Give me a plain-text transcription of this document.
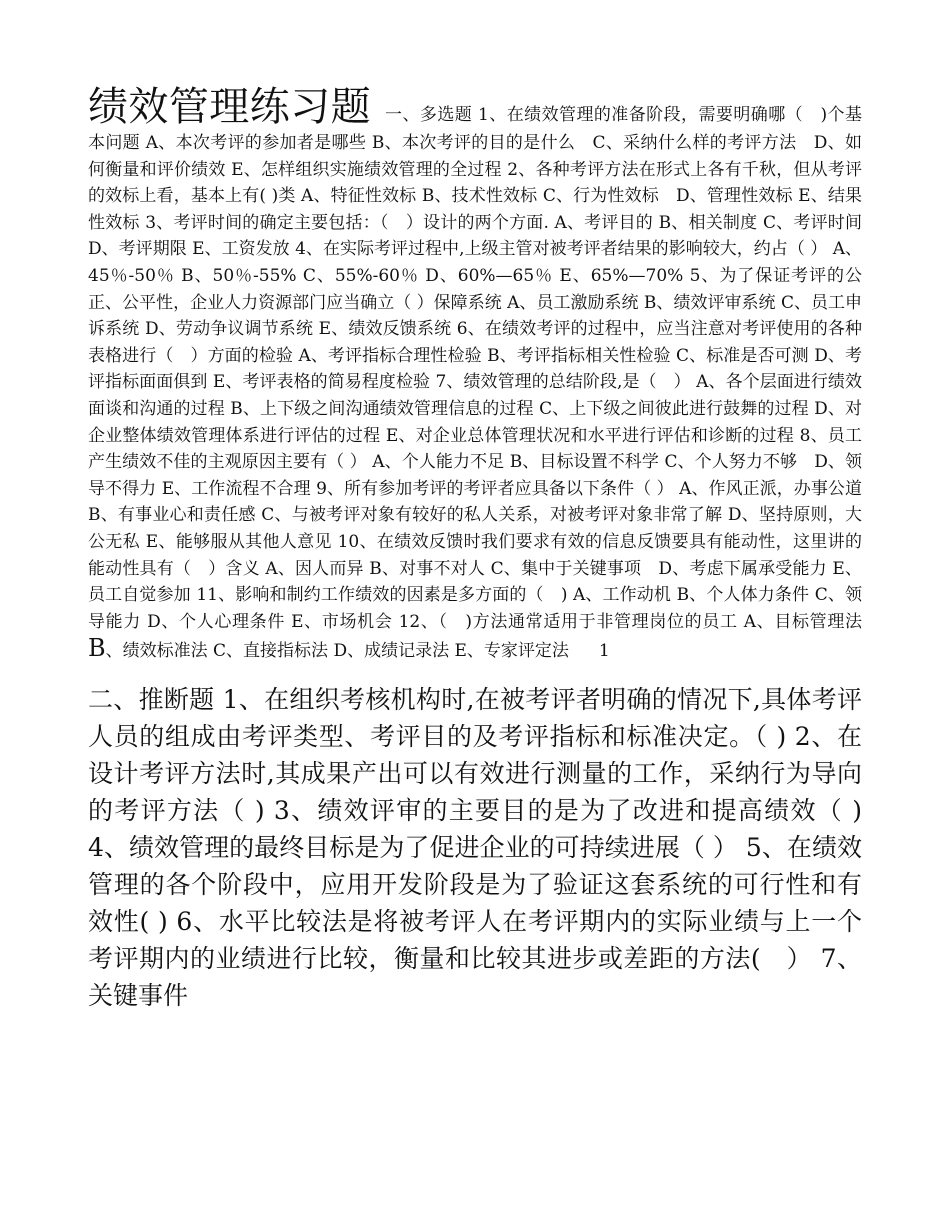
绩效管理练习题 一、多选题 1、在绩效管理的准备阶段，需要明确哪（　)个基本问题 A、本次考评的参加者是哪些 B、本次考评的目的是什么　C、采纳什么样的考评方法　D、如何衡量和评价绩效 E、怎样组织实施绩效管理的全过程 2、各种考评方法在形式上各有千秋，但从考评的效标上看，基本上有( )类 A、特征性效标 B、技术性效标 C、行为性效标　D、管理性效标 E、结果性效标 3、考评时间的确定主要包括：（　）设计的两个方面. A、考评目的 B、相关制度 C、考评时间 D、考评期限 E、工资发放 4、在实际考评过程中,上级主管对被考评者结果的影响较大，约占（ ） A、45％-50％ B、50％-55% C、55%-60％ D、60%—65％ E、65%—70% 5、为了保证考评的公正、公平性，企业人力资源部门应当确立（ ）保障系统 A、员工激励系统 B、绩效评审系统 C、员工申诉系统 D、劳动争议调节系统 E、绩效反馈系统 6、在绩效考评的过程中，应当注意对考评使用的各种表格进行（　）方面的检验 A、考评指标合理性检验 B、考评指标相关性检验 C、标准是否可测 D、考评指标面面俱到 E、考评表格的简易程度检验 7、绩效管理的总结阶段,是（　） A、各个层面进行绩效面谈和沟通的过程 B、上下级之间沟通绩效管理信息的过程 C、上下级之间彼此进行鼓舞的过程 D、对企业整体绩效管理体系进行评估的过程 E、对企业总体管理状况和水平进行评估和诊断的过程 8、员工产生绩效不佳的主观原因主要有（ ） A、个人能力不足 B、目标设置不科学 C、个人努力不够　D、领导不得力 E、工作流程不合理 9、所有参加考评的考评者应具备以下条件（ ） A、作风正派，办事公道 B、有事业心和责任感 C、与被考评对象有较好的私人关系，对被考评对象非常了解 D、坚持原则，大公无私 E、能够服从其他人意见 10、在绩效反馈时我们要求有效的信息反馈要具有能动性，这里讲的能动性具有（　）含义 A、因人而异 B、对事不对人 C、集中于关键事项　D、考虑下属承受能力 E、员工自觉参加 11、影响和制约工作绩效的因素是多方面的（　) A、工作动机 B、个人体力条件 C、领导能力 D、个人心理条件 E、市场机会 12、（　)方法通常适用于非管理岗位的员工 A、目标管理法 B、绩效标准法 C、直接指标法 D、成绩记录法 E、专家评定法 1

二、推断题 1、在组织考核机构时,在被考评者明确的情况下,具体考评人员的组成由考评类型、考评目的及考评指标和标准决定。（ ) 2、在设计考评方法时,其成果产出可以有效进行测量的工作，采纳行为导向的考评方法（ ) 3、绩效评审的主要目的是为了改进和提高绩效（ ) 4、绩效管理的最终目标是为了促进企业的可持续进展（ ） 5、在绩效管理的各个阶段中，应用开发阶段是为了验证这套系统的可行性和有效性( ) 6、水平比较法是将被考评人在考评期内的实际业绩与上一个考评期内的业绩进行比较，衡量和比较其进步或差距的方法(　） 7、关键事件
